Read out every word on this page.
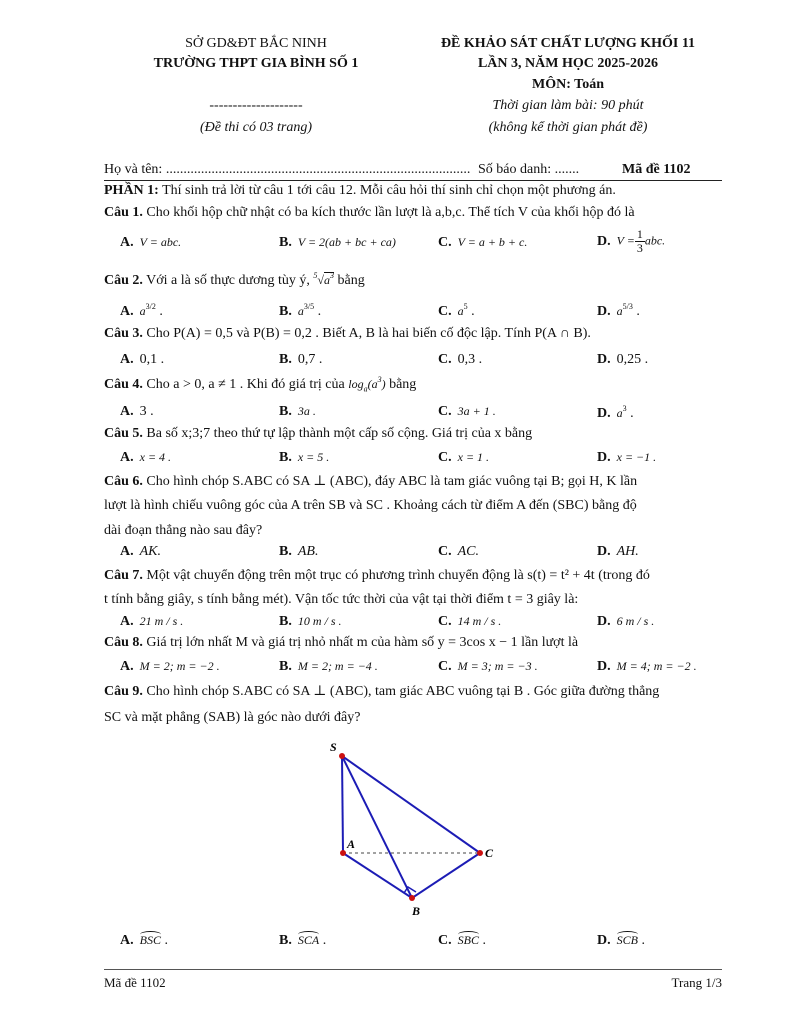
SỞ GD&ĐT BẮC NINH
TRƯỜNG THPT GIA BÌNH SỐ 1
--------------------
(Đề thi có 03 trang)
ĐỀ KHẢO SÁT CHẤT LƯỢNG KHỐI 11
LẦN 3, NĂM HỌC 2025-2026
MÔN: Toán
Thời gian làm bài: 90 phút
(không kể thời gian phát đề)
Họ và tên: ....................................................................................... Số báo danh: .......	Mã đề 1102
PHẦN 1: Thí sinh trả lời từ câu 1 tới câu 12. Mỗi câu hỏi thí sinh chỉ chọn một phương án.
Câu 1. Cho khối hộp chữ nhật có ba kích thước lần lượt là a,b,c. Thể tích V của khối hộp đó là
A. V = abc.	B. V = 2(ab + bc + ca)	C. V = a + b + c.	D. $V = \frac{1}{3}$ abc.
Câu 2. Với a là số thực dương tùy ý, $^5√a^3$ bằng
A. $a^{3/2}$ .	B. $a^{3/5}$ .	C. $a^5$ .	D. $a^{5/3}$ .
Câu 3. Cho P(A) = 0,5 và P(B) = 0,2 . Biết A, B là hai biến cố độc lập. Tính P(A ∩ B).
A. 0,1 .	B. 0,7 .	C. 0,3 .	D. 0,25 .
Câu 4. Cho a > 0, a ≠ 1 . Khi đó giá trị của $\log_a(a^3)$ bằng
A. 3 .	B. 3a .	C. 3a + 1 .	D. $a^3$ .
Câu 5. Ba số x;3;7 theo thứ tự lập thành một cấp số cộng. Giá trị của x bằng
A. x = 4 .	B. x = 5 .	C. x = 1 .	D. x = −1 .
Câu 6. Cho hình chóp S.ABC có SA ⊥ (ABC), đáy ABC là tam giác vuông tại B; gọi H, K lần
lượt là hình chiếu vuông góc của A trên SB và SC . Khoảng cách từ điểm A đến (SBC) bằng độ
dài đoạn thẳng nào sau đây?
A. AK.	B. AB.	C. AC.	D. AH.
Câu 7. Một vật chuyển động trên một trục có phương trình chuyển động là s(t) = t² + 4t (trong đó
t tính bằng giây, s tính bằng mét). Vận tốc tức thời của vật tại thời điểm t = 3 giây là:
A. 21 m / s .	B. 10 m / s .	C. 14 m / s .	D. 6 m / s .
Câu 8. Giá trị lớn nhất M và giá trị nhỏ nhất m của hàm số y = 3cos x − 1 lần lượt là
A. M = 2; m = −2 .	B. M = 2; m = −4 .	C. M = 3; m = −3 .	D. M = 4; m = −2 .
Câu 9. Cho hình chóp S.ABC có SA ⊥ (ABC), tam giác ABC vuông tại B . Góc giữa đường thẳng
SC và mặt phẳng (SAB) là góc nào dưới đây?
S
A
B
C
A. BSC .	B. SCA .	C. SBC .	D. SCB .
Mã đề 1102	Trang 1/3
